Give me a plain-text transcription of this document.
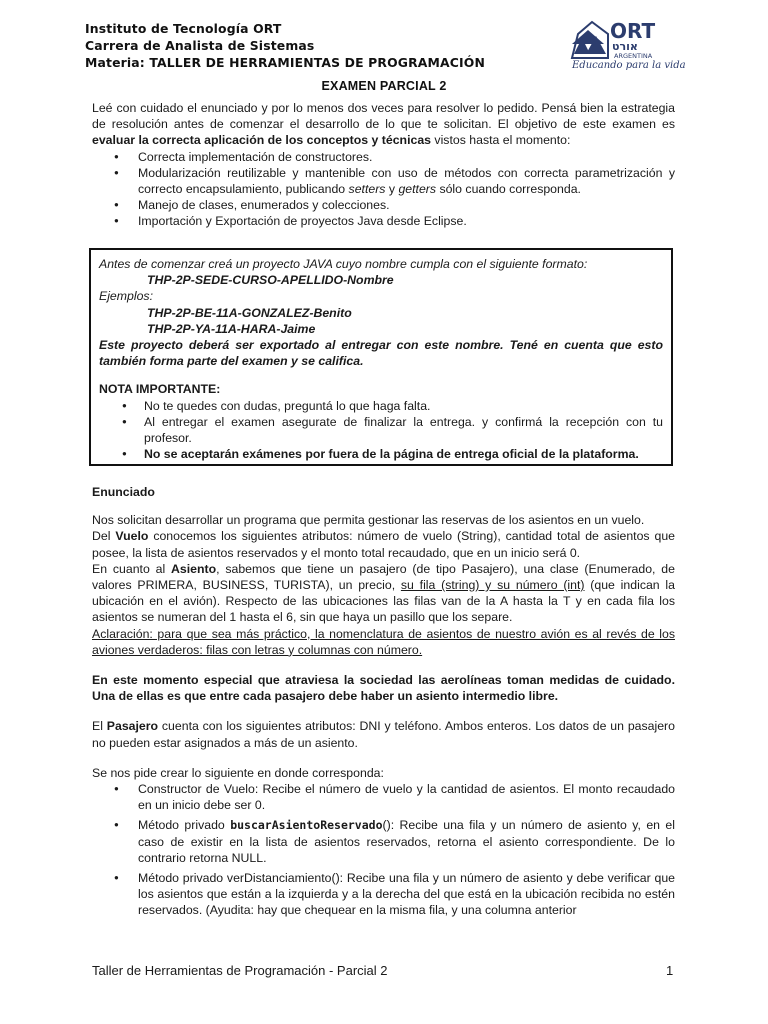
Instituto de Tecnología ORT
Carrera de Analista de Sistemas
Materia: TALLER DE HERRAMIENTAS DE PROGRAMACIÓN
ORT
אורט
ARGENTINA
Educando para la vida
EXAMEN PARCIAL 2

Leé con cuidado el enunciado y por lo menos dos veces para resolver lo pedido. Pensá bien la estrategia de resolución antes de comenzar el desarrollo de lo que te solicitan. El objetivo de este examen es evaluar la correcta aplicación de los conceptos y técnicas vistos hasta el momento:

● Correcta implementación de constructores.
● Modularización reutilizable y mantenible con uso de métodos con correcta parametrización y correcto encapsulamiento, publicando setters y getters sólo cuando corresponda.
● Manejo de clases, enumerados y colecciones.
● Importación y Exportación de proyectos Java desde Eclipse.

Antes de comenzar creá un proyecto JAVA cuyo nombre cumpla con el siguiente formato:

THP-2P-SEDE-CURSO-APELLIDO-Nombre

Ejemplos:

THP-2P-BE-11A-GONZALEZ-Benito

THP-2P-YA-11A-HARA-Jaime

Este proyecto deberá ser exportado al entregar con este nombre. Tené en cuenta que esto también forma parte del examen y se califica.

NOTA IMPORTANTE:

● No te quedes con dudas, preguntá lo que haga falta.
● Al entregar el examen asegurate de finalizar la entrega. y confirmá la recepción con tu profesor.
● No se aceptarán exámenes por fuera de la página de entrega oficial de la plataforma.

Enunciado

Nos solicitan desarrollar un programa que permita gestionar las reservas de los asientos en un vuelo.

Del Vuelo conocemos los siguientes atributos: número de vuelo (String), cantidad total de asientos que posee, la lista de asientos reservados y el monto total recaudado, que en un inicio será 0.

En cuanto al Asiento, sabemos que tiene un pasajero (de tipo Pasajero), una clase (Enumerado, de valores PRIMERA, BUSINESS, TURISTA), un precio, su fila (string) y su número (int) (que indican la ubicación en el avión). Respecto de las ubicaciones las filas van de la A hasta la T y en cada fila los asientos se numeran del 1 hasta el 6, sin que haya un pasillo que los separe.

Aclaración: para que sea más práctico, la nomenclatura de asientos de nuestro avión es al revés de los aviones verdaderos: filas con letras y columnas con número.

En este momento especial que atraviesa la sociedad las aerolíneas toman medidas de cuidado. Una de ellas es que entre cada pasajero debe haber un asiento intermedio libre.

El Pasajero cuenta con los siguientes atributos: DNI y teléfono. Ambos enteros. Los datos de un pasajero no pueden estar asignados a más de un asiento.

Se nos pide crear lo siguiente en donde corresponda:

● Constructor de Vuelo: Recibe el número de vuelo y la cantidad de asientos. El monto recaudado en un inicio debe ser 0.
● Método privado buscarAsientoReservado(): Recibe una fila y un número de asiento y, en el caso de existir en la lista de asientos reservados, retorna el asiento correspondiente. De lo contrario retorna NULL.
● Método privado verDistanciamiento(): Recibe una fila y un número de asiento y debe verificar que los asientos que están a la izquierda y a la derecha del que está en la ubicación recibida no estén reservados. (Ayudita: hay que chequear en la misma fila, y una columna anterior
Taller de Herramientas de Programación - Parcial 2	1
